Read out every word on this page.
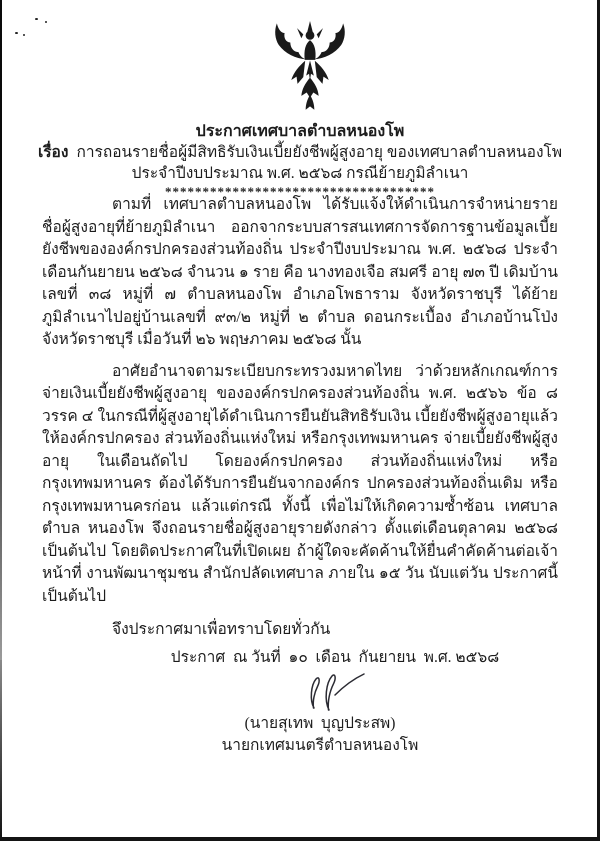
ประกาศเทศบาลตำบลหนองโพ
เรื่อง การถอนรายชื่อผู้มีสิทธิรับเงินเบี้ยยังชีพผู้สูงอายุ ของเทศบาลตำบลหนองโพ
ประจำปีงบประมาณ พ.ศ. ๒๕๖๘ กรณีย้ายภูมิลำเนา
************************************

ตามที่ เทศบาลตำบลหนองโพ ได้รับแจ้งให้ดำเนินการจำหน่ายรายชื่อผู้สูงอายุที่ย้ายภูมิลำเนา ออกจากระบบสารสนเทศการจัดการฐานข้อมูลเบี้ยยังชีพขององค์กรปกครองส่วนท้องถิ่น ประจำปีงบประมาณ พ.ศ. ๒๕๖๘ ประจำเดือนกันยายน ๒๕๖๘ จำนวน ๑ ราย คือ นางทองเจือ สมศรี อายุ ๗๓ ปี เดิมบ้านเลขที่ ๓๘ หมู่ที่ ๗ ตำบลหนองโพ อำเภอโพธาราม จังหวัดราชบุรี ได้ย้ายภูมิลำเนาไปอยู่บ้านเลขที่ ๙๓/๒ หมู่ที่ ๒ ตำบล ดอนกระเบื้อง อำเภอบ้านโป่ง จังหวัดราชบุรี เมื่อวันที่ ๒๖ พฤษภาคม ๒๕๖๘ นั้น

อาศัยอำนาจตามระเบียบกระทรวงมหาดไทย ว่าด้วยหลักเกณฑ์การจ่ายเงินเบี้ยยังชีพผู้สูงอายุ ขององค์กรปกครองส่วนท้องถิ่น พ.ศ. ๒๕๖๖ ข้อ ๘ วรรค ๔ ในกรณีที่ผู้สูงอายุได้ดำเนินการยืนยันสิทธิรับเงิน เบี้ยยังชีพผู้สูงอายุแล้ว ให้องค์กรปกครอง ส่วนท้องถิ่นแห่งใหม่ หรือกรุงเทพมหานคร จ่ายเบี้ยยังชีพผู้สูงอายุ ในเดือนถัดไป โดยองค์กรปกครอง ส่วนท้องถิ่นแห่งใหม่ หรือกรุงเทพมหานคร ต้องได้รับการยืนยันจากองค์กร ปกครองส่วนท้องถิ่นเดิม หรือกรุงเทพมหานครก่อน แล้วแต่กรณี ทั้งนี้ เพื่อไม่ให้เกิดความซ้ำซ้อน เทศบาลตำบล หนองโพ จึงถอนรายชื่อผู้สูงอายุรายดังกล่าว ตั้งแต่เดือนตุลาคม ๒๕๖๘ เป็นต้นไป โดยติดประกาศในที่เปิดเผย ถ้าผู้ใดจะคัดค้านให้ยื่นคำคัดค้านต่อเจ้าหน้าที่ งานพัฒนาชุมชน สำนักปลัดเทศบาล ภายใน ๑๕ วัน นับแต่วัน ประกาศนี้เป็นต้นไป

จึงประกาศมาเพื่อทราบโดยทั่วกัน

ประกาศ  ณ วันที่  ๑๐  เดือน  กันยายน  พ.ศ. ๒๕๖๘
(นายสุเทพ  บุญประสพ)
นายกเทศมนตรีตำบลหนองโพ
